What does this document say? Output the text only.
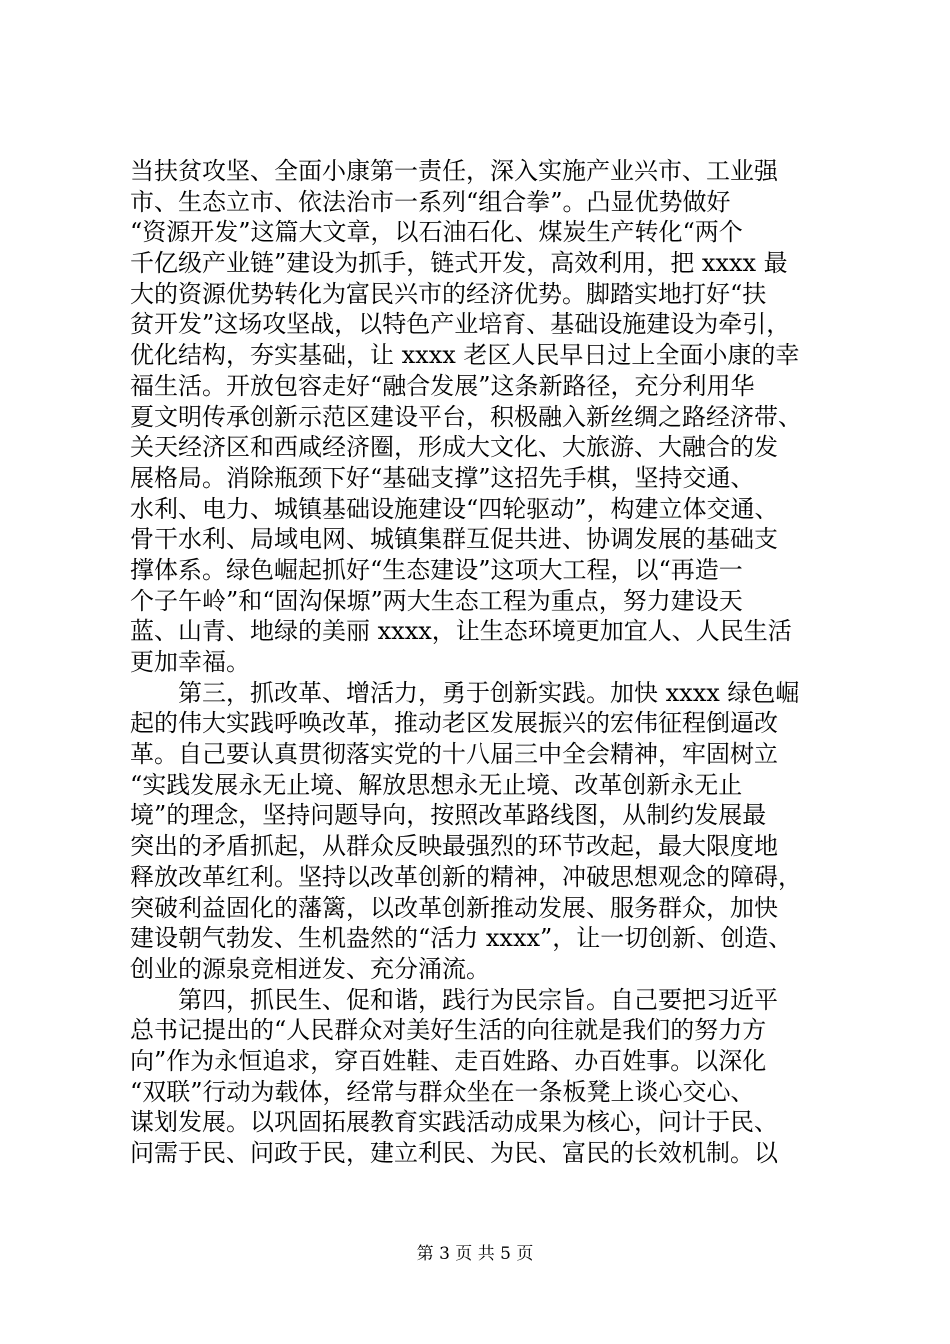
当扶贫攻坚、全面小康第一责任，深入实施产业兴市、工业强

市、生态立市、依法治市一系列“组合拳”。凸显优势做好

“资源开发”这篇大文章，以石油石化、煤炭生产转化“两个

千亿级产业链”建设为抓手，链式开发，高效利用，把 xxxx 最

大的资源优势转化为富民兴市的经济优势。脚踏实地打好“扶

贫开发”这场攻坚战，以特色产业培育、基础设施建设为牵引，

优化结构，夯实基础，让 xxxx 老区人民早日过上全面小康的幸

福生活。开放包容走好“融合发展”这条新路径，充分利用华

夏文明传承创新示范区建设平台，积极融入新丝绸之路经济带、

关天经济区和西咸经济圈，形成大文化、大旅游、大融合的发

展格局。消除瓶颈下好“基础支撑”这招先手棋，坚持交通、

水利、电力、城镇基础设施建设“四轮驱动”，构建立体交通、

骨干水利、局域电网、城镇集群互促共进、协调发展的基础支

撑体系。绿色崛起抓好“生态建设”这项大工程，以“再造一

个子午岭”和“固沟保塬”两大生态工程为重点，努力建设天

蓝、山青、地绿的美丽 xxxx，让生态环境更加宜人、人民生活

更加幸福。

　　第三，抓改革、增活力，勇于创新实践。加快 xxxx 绿色崛

起的伟大实践呼唤改革，推动老区发展振兴的宏伟征程倒逼改

革。自己要认真贯彻落实党的十八届三中全会精神，牢固树立

“实践发展永无止境、解放思想永无止境、改革创新永无止

境”的理念，坚持问题导向，按照改革路线图，从制约发展最

突出的矛盾抓起，从群众反映最强烈的环节改起，最大限度地

释放改革红利。坚持以改革创新的精神，冲破思想观念的障碍，

突破利益固化的藩篱，以改革创新推动发展、服务群众，加快

建设朝气勃发、生机盎然的“活力 xxxx”，让一切创新、创造、

创业的源泉竞相迸发、充分涌流。

　　第四，抓民生、促和谐，践行为民宗旨。自己要把习近平

总书记提出的“人民群众对美好生活的向往就是我们的努力方

向”作为永恒追求，穿百姓鞋、走百姓路、办百姓事。以深化

“双联”行动为载体，经常与群众坐在一条板凳上谈心交心、

谋划发展。以巩固拓展教育实践活动成果为核心，问计于民、

问需于民、问政于民，建立利民、为民、富民的长效机制。以

第 3 页 共 5 页
